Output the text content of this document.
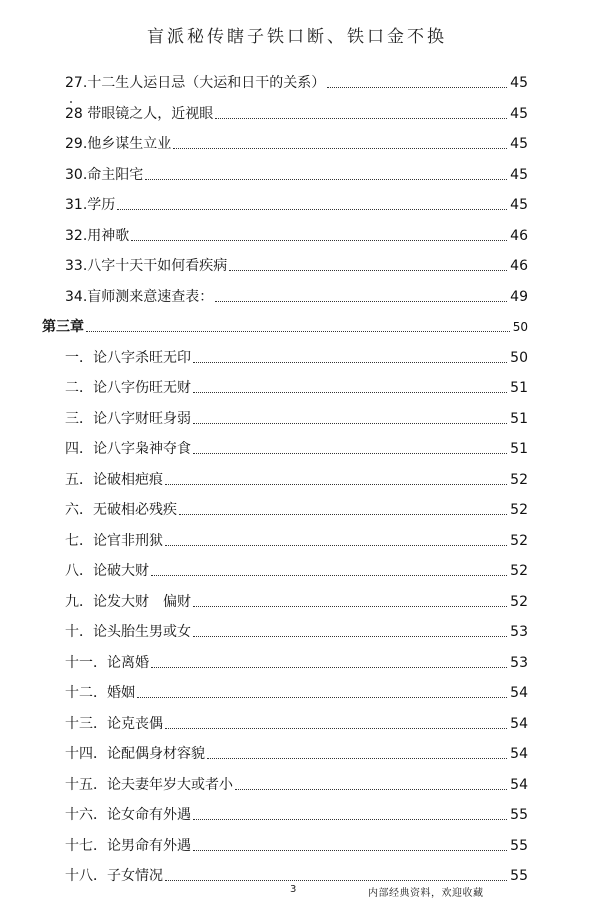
盲派秘传瞎子铁口断、铁口金不换
27.十二生人运日忌（大运和日干的关系）	45
28 带眼镜之人，近视眼	45
29.他乡谋生立业	45
30.命主阳宅	45
31.学历	45
32.用神歌	46
33.八字十天干如何看疾病	46
34.盲师测来意速查表：	49
第三章	50
一．论八字杀旺无印	50
二．论八字伤旺无财	51
三．论八字财旺身弱	51
四．论八字枭神夺食	51
五．论破相疤痕	52
六．无破相必残疾	52
七．论官非刑狱	52
八．论破大财	52
九．论发大财　偏财	52
十．论头胎生男或女	53
十一．论离婚	53
十二．婚姻	54
十三．论克丧偶	54
十四．论配偶身材容貌	54
十五．论夫妻年岁大或者小	54
十六．论女命有外遇	55
十七．论男命有外遇	55
十八．子女情况	55
3	内部经典资料，欢迎收藏
